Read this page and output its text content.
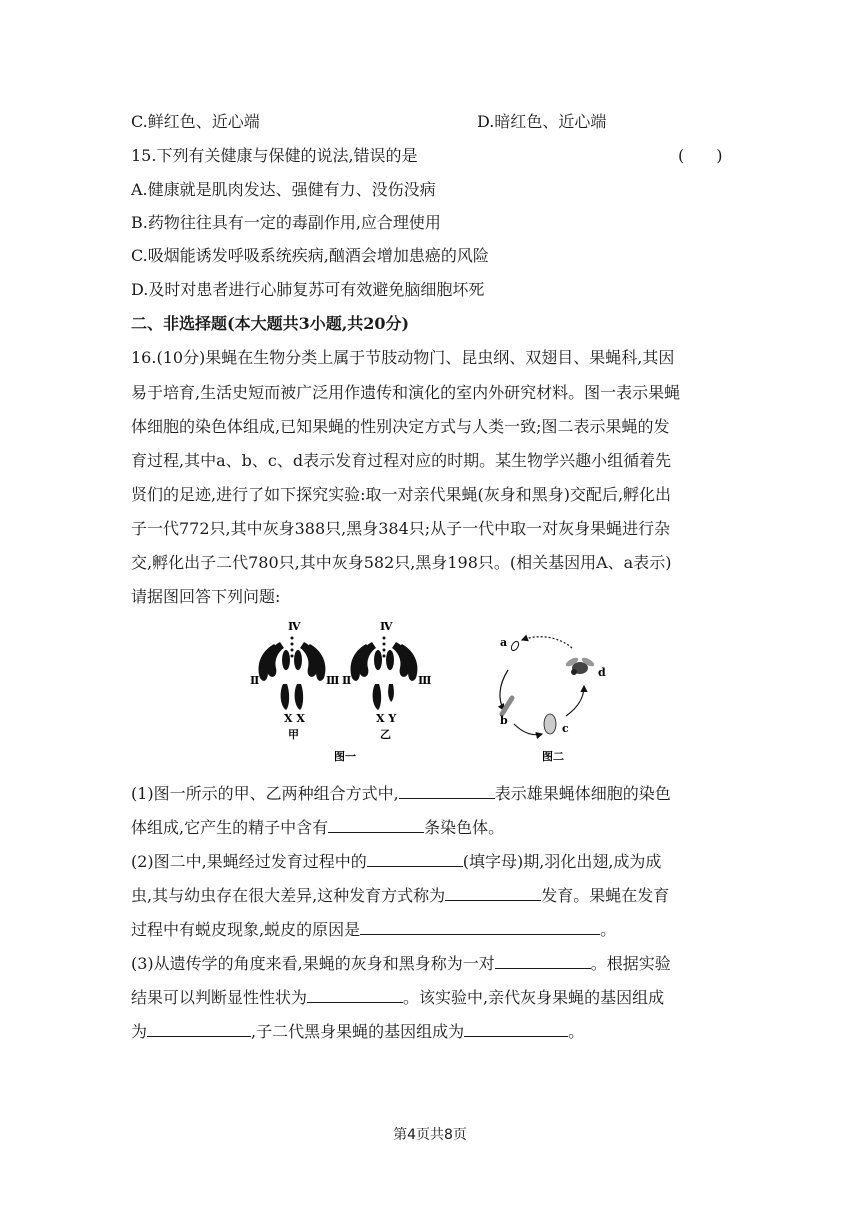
C.鲜红色、近心端	D.暗红色、近心端
15.下列有关健康与保健的说法,错误的是	(　　)
A.健康就是肌肉发达、强健有力、没伤没病
B.药物往往具有一定的毒副作用,应合理使用
C.吸烟能诱发呼吸系统疾病,酗酒会增加患癌的风险
D.及时对患者进行心肺复苏可有效避免脑细胞坏死
二、非选择题(本大题共3小题,共20分)
16.(10分)果蝇在生物分类上属于节肢动物门、昆虫纲、双翅目、果蝇科,其因
易于培育,生活史短而被广泛用作遗传和演化的室内外研究材料。图一表示果蝇
体细胞的染色体组成,已知果蝇的性别决定方式与人类一致;图二表示果蝇的发
育过程,其中a、b、c、d表示发育过程对应的时期。某生物学兴趣小组循着先
贤们的足迹,进行了如下探究实验:取一对亲代果蝇(灰身和黑身)交配后,孵化出
子一代772只,其中灰身388只,黑身384只;从子一代中取一对灰身果蝇进行杂
交,孵化出子二代780只,其中灰身582只,黑身198只。(相关基因用A、a表示)
请据图回答下列问题:
Ⅳ
Ⅱ	Ⅲ
X X
甲
Ⅳ
Ⅱ	Ⅲ
X Y
乙
图一
a
b
c
d
图二
(1)图一所示的甲、乙两种组合方式中,	表示雄果蝇体细胞的染色
体组成,它产生的精子中含有	条染色体。
(2)图二中,果蝇经过发育过程中的	(填字母)期,羽化出翅,成为成
虫,其与幼虫存在很大差异,这种发育方式称为	发育。果蝇在发育
过程中有蜕皮现象,蜕皮的原因是	。
(3)从遗传学的角度来看,果蝇的灰身和黑身称为一对	。根据实验
结果可以判断显性性状为	。该实验中,亲代灰身果蝇的基因组成
为	,子二代黑身果蝇的基因组成为	。
第4页共8页
